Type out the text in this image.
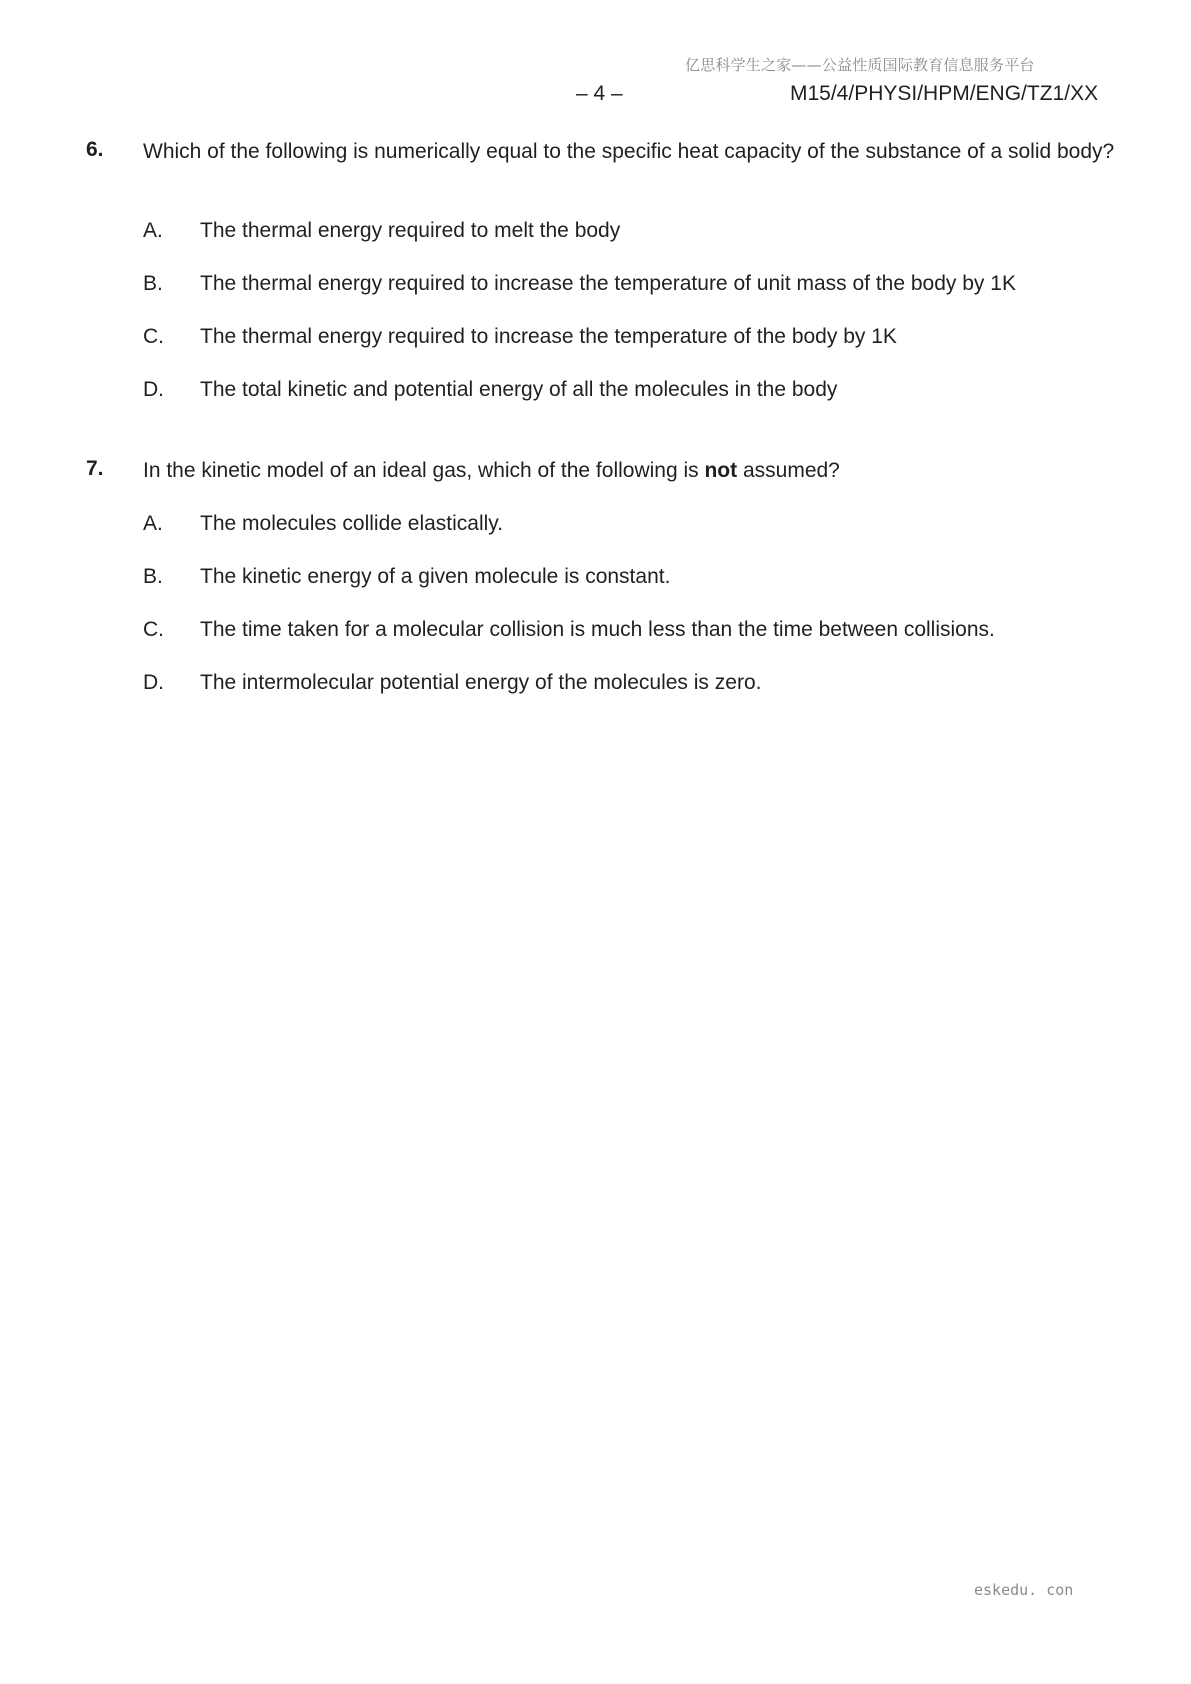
亿思科学生之家——公益性质国际教育信息服务平台
– 4 –	M15/4/PHYSI/HPM/ENG/TZ1/XX
6. Which of the following is numerically equal to the specific heat capacity of the substance of a solid body?
A. The thermal energy required to melt the body
B. The thermal energy required to increase the temperature of unit mass of the body by 1K
C. The thermal energy required to increase the temperature of the body by 1K
D. The total kinetic and potential energy of all the molecules in the body
7. In the kinetic model of an ideal gas, which of the following is not assumed?
A. The molecules collide elastically.
B. The kinetic energy of a given molecule is constant.
C. The time taken for a molecular collision is much less than the time between collisions.
D. The intermolecular potential energy of the molecules is zero.
eskedu. con
